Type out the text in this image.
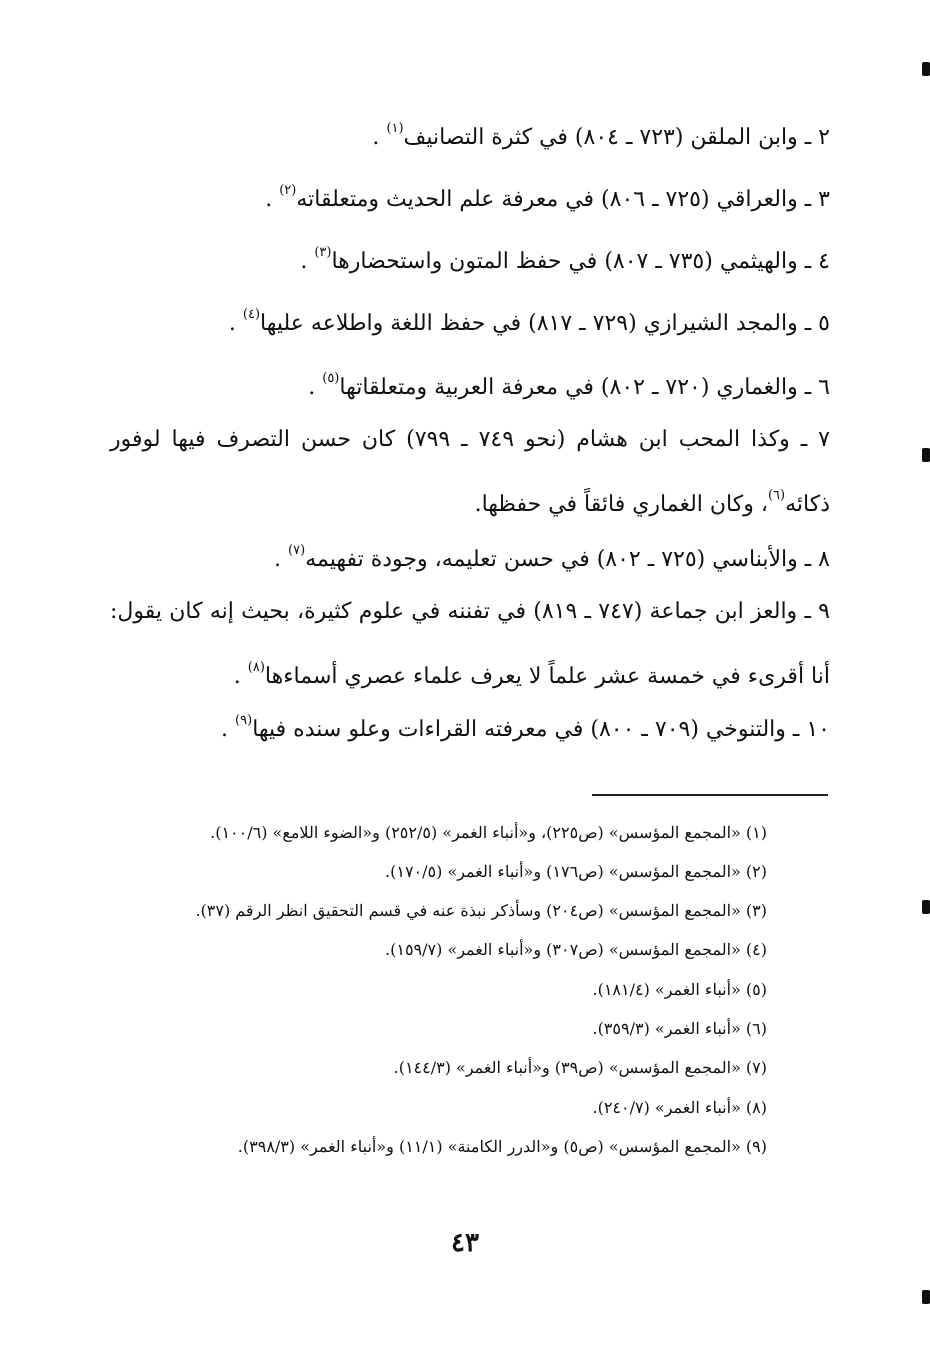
٢ ـ وابن الملقن (٧٢٣ ـ ٨٠٤) في كثرة التصانيف$^{(١)}$ .
٣ ـ والعراقي (٧٢٥ ـ ٨٠٦) في معرفة علم الحديث ومتعلقاته$^{(٢)}$ .
٤ ـ والهيثمي (٧٣٥ ـ ٨٠٧) في حفظ المتون واستحضارها$^{(٣)}$ .
٥ ـ والمجد الشيرازي (٧٢٩ ـ ٨١٧) في حفظ اللغة واطلاعه عليها$^{(٤)}$ .
٦ ـ والغماري (٧٢٠ ـ ٨٠٢) في معرفة العربية ومتعلقاتها$^{(٥)}$ .
٧ ـ وكذا المحب ابن هشام (نحو ٧٤٩ ـ ٧٩٩) كان حسن التصرف فيها لوفور ذكائه$^{(٦)}$، وكان الغماري فائقاً في حفظها.
٨ ـ والأبناسي (٧٢٥ ـ ٨٠٢) في حسن تعليمه، وجودة تفهيمه$^{(٧)}$ .
٩ ـ والعز ابن جماعة (٧٤٧ ـ ٨١٩) في تفننه في علوم كثيرة، بحيث إنه كان يقول: أنا أقرىء في خمسة عشر علماً لا يعرف علماء عصري أسماءها$^{(٨)}$ .
١٠ ـ والتنوخي (٧٠٩ ـ ٨٠٠) في معرفته القراءات وعلو سنده فيها$^{(٩)}$ .
(١) «المجمع المؤسس» (ص٢٢٥)، و«أنباء الغمر» (٢٥٢/٥) و«الضوء اللامع» (١٠٠/٦).
(٢) «المجمع المؤسس» (ص١٧٦) و«أنباء الغمر» (١٧٠/٥).
(٣) «المجمع المؤسس» (ص٢٠٤) وسأذكر نبذة عنه في قسم التحقيق انظر الرقم (٣٧).
(٤) «المجمع المؤسس» (ص٣٠٧) و«أنباء الغمر» (١٥٩/٧).
(٥) «أنباء الغمر» (١٨١/٤).
(٦) «أنباء الغمر» (٣٥٩/٣).
(٧) «المجمع المؤسس» (ص٣٩) و«أنباء الغمر» (١٤٤/٣).
(٨) «أنباء الغمر» (٢٤٠/٧).
(٩) «المجمع المؤسس» (ص٥) و«الدرر الكامنة» (١١/١) و«أنباء الغمر» (٣٩٨/٣).
٤٣
